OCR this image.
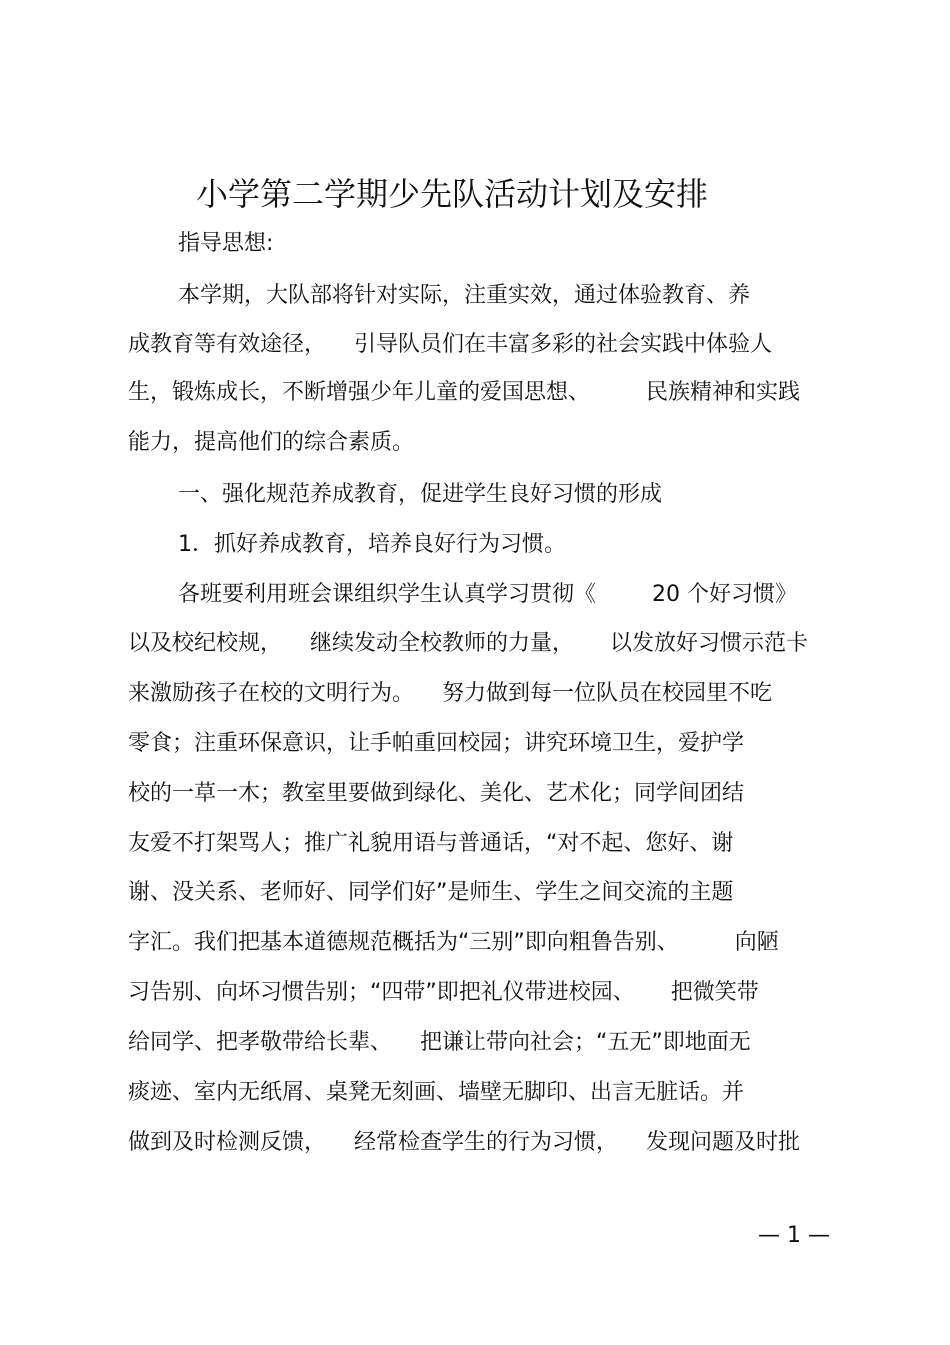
小学第二学期少先队活动计划及安排
指导思想:
本学期，大队部将针对实际，注重实效，通过体验教育、养
成教育等有效途径， 引导队员们在丰富多彩的社会实践中体验人
生，锻炼成长，不断增强少年儿童的爱国思想、	民族精神和实践
能力，提高他们的综合素质。
一、强化规范养成教育，促进学生良好习惯的形成
1．抓好养成教育，培养良好行为习惯。
各班要利用班会课组织学生认真学习贯彻《	20 个好习惯》
以及校纪校规， 继续发动全校教师的力量， 以发放好习惯示范卡
来激励孩子在校的文明行为。 努力做到每一位队员在校园里不吃
零食；注重环保意识，让手帕重回校园；讲究环境卫生，爱护学
校的一草一木；教室里要做到绿化、美化、艺术化；同学间团结
友爱不打架骂人；推广礼貌用语与普通话，“对不起、您好、谢
谢、没关系、老师好、同学们好”是师生、学生之间交流的主题
字汇。我们把基本道德规范概括为“三别”即向粗鲁告别、	向陋
习告别、向坏习惯告别；“四带”即把礼仪带进校园、 把微笑带
给同学、把孝敬带给长辈、 把谦让带向社会；“五无”即地面无
痰迹、室内无纸屑、桌凳无刻画、墙壁无脚印、出言无脏话。并
做到及时检测反馈， 经常检查学生的行为习惯， 发现问题及时批
— 1 —
